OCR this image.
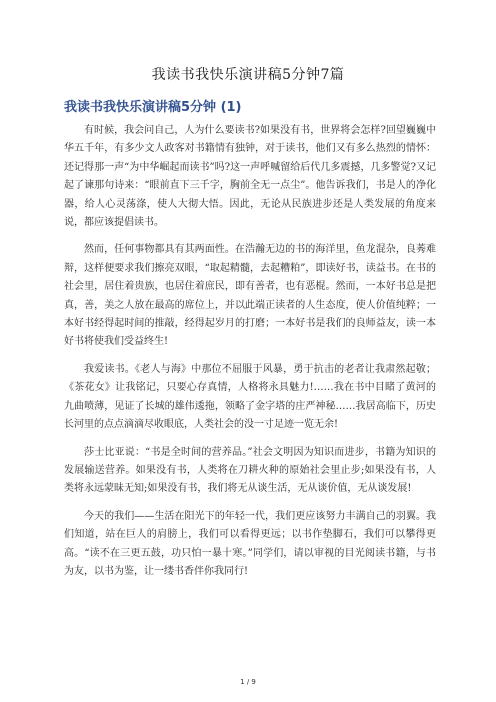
我读书我快乐演讲稿5分钟7篇
我读书我快乐演讲稿5分钟 (1)

有时候，我会问自己，人为什么要读书?如果没有书，世界将会怎样?回望巍巍中华五千年，有多少文人政客对书籍情有独钟，对于读书，他们又有多么热烈的情怀：还记得那一声“为中华崛起而读书”吗?这一声呼喊留给后代几多震撼，几多警觉?又记起了谏那句诗来：“眼前直下三千字，胸前全无一点尘”。他告诉我们，书是人的净化器，给人心灵荡涤，使人大彻大悟。因此，无论从民族进步还是人类发展的角度来说，都应该提倡读书。

然而，任何事物都具有其两面性。在浩瀚无边的书的海洋里，鱼龙混杂，良莠难辩，这样便要求我们擦亮双眼，“取起精髓，去起糟粕”，即读好书，读益书。在书的社会里，居住着贵族，也居住着庶民，即有善者，也有恶棍。然而，一本好书总是把真，善，美之人放在最高的席位上，并以此端正读者的人生态度，使人价值纯粹；一本好书经得起时间的推敲，经得起岁月的打磨；一本好书是我们的良师益友，读一本好书将使我们受益终生!

我爱读书。《老人与海》中那位不屈服于风暴，勇于抗击的老者让我肃然起敬；《茶花女》让我铭记，只要心存真情，人格将永具魅力!……我在书中目睹了黄河的九曲喷薄，见证了长城的雄伟逶拖，领略了金字塔的庄严神秘……我居高临下，历史长河里的点点滴滴尽收眼底，人类社会的没一寸足迹一览无余!

莎士比亚说：“书是全时间的营养品。”社会文明因为知识而进步，书籍为知识的发展输送营养。如果没有书，人类将在刀耕火种的原始社会里止步;如果没有书，人类将永远蒙昧无知;如果没有书，我们将无从谈生活，无从谈价值，无从谈发展!

今天的我们——生活在阳光下的年轻一代，我们更应该努力丰满自己的羽翼。我们知道，站在巨人的肩膀上，我们可以看得更远；以书作垫脚石，我们可以攀得更高。“读不在三更五鼓，功只怕一暴十寒。”同学们，请以审视的目光阅读书籍，与书为友，以书为鉴，让一缕书香伴你我同行!

1 / 9
